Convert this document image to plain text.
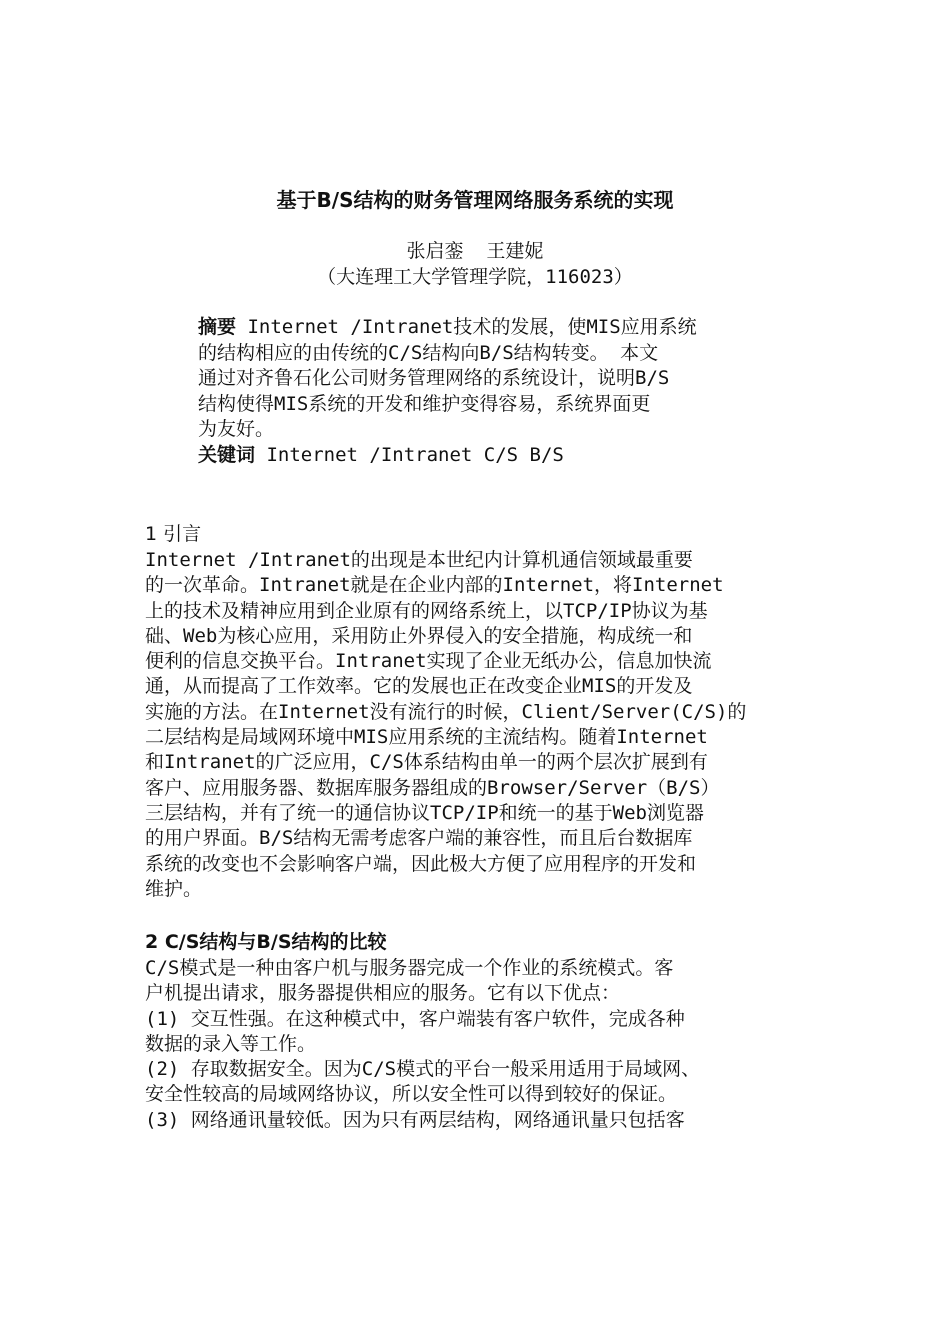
基于B/S结构的财务管理网络服务系统的实现
张启銮  王建妮
（大连理工大学管理学院，116023）
摘要 Internet /Intranet技术的发展，使MIS应用系统
的结构相应的由传统的C/S结构向B/S结构转变。 本文
通过对齐鲁石化公司财务管理网络的系统设计，说明B/S
结构使得MIS系统的开发和维护变得容易，系统界面更
为友好。
关键词 Internet /Intranet C/S B/S
1 引言
Internet /Intranet的出现是本世纪内计算机通信领域最重要
的一次革命。Intranet就是在企业内部的Internet，将Internet
上的技术及精神应用到企业原有的网络系统上，以TCP/IP协议为基
础、Web为核心应用，采用防止外界侵入的安全措施，构成统一和
便利的信息交换平台。Intranet实现了企业无纸办公，信息加快流
通，从而提高了工作效率。它的发展也正在改变企业MIS的开发及
实施的方法。在Internet没有流行的时候，Client/Server(C/S)的
二层结构是局域网环境中MIS应用系统的主流结构。随着Internet
和Intranet的广泛应用，C/S体系结构由单一的两个层次扩展到有
客户、应用服务器、数据库服务器组成的Browser/Server（B/S）
三层结构，并有了统一的通信协议TCP/IP和统一的基于Web浏览器
的用户界面。B/S结构无需考虑客户端的兼容性，而且后台数据库
系统的改变也不会影响客户端，因此极大方便了应用程序的开发和
维护。
2 C/S结构与B/S结构的比较
C/S模式是一种由客户机与服务器完成一个作业的系统模式。客
户机提出请求，服务器提供相应的服务。它有以下优点：
(1) 交互性强。在这种模式中，客户端装有客户软件，完成各种
数据的录入等工作。
(2) 存取数据安全。因为C/S模式的平台一般采用适用于局域网、
安全性较高的局域网络协议，所以安全性可以得到较好的保证。
(3) 网络通讯量较低。因为只有两层结构，网络通讯量只包括客
